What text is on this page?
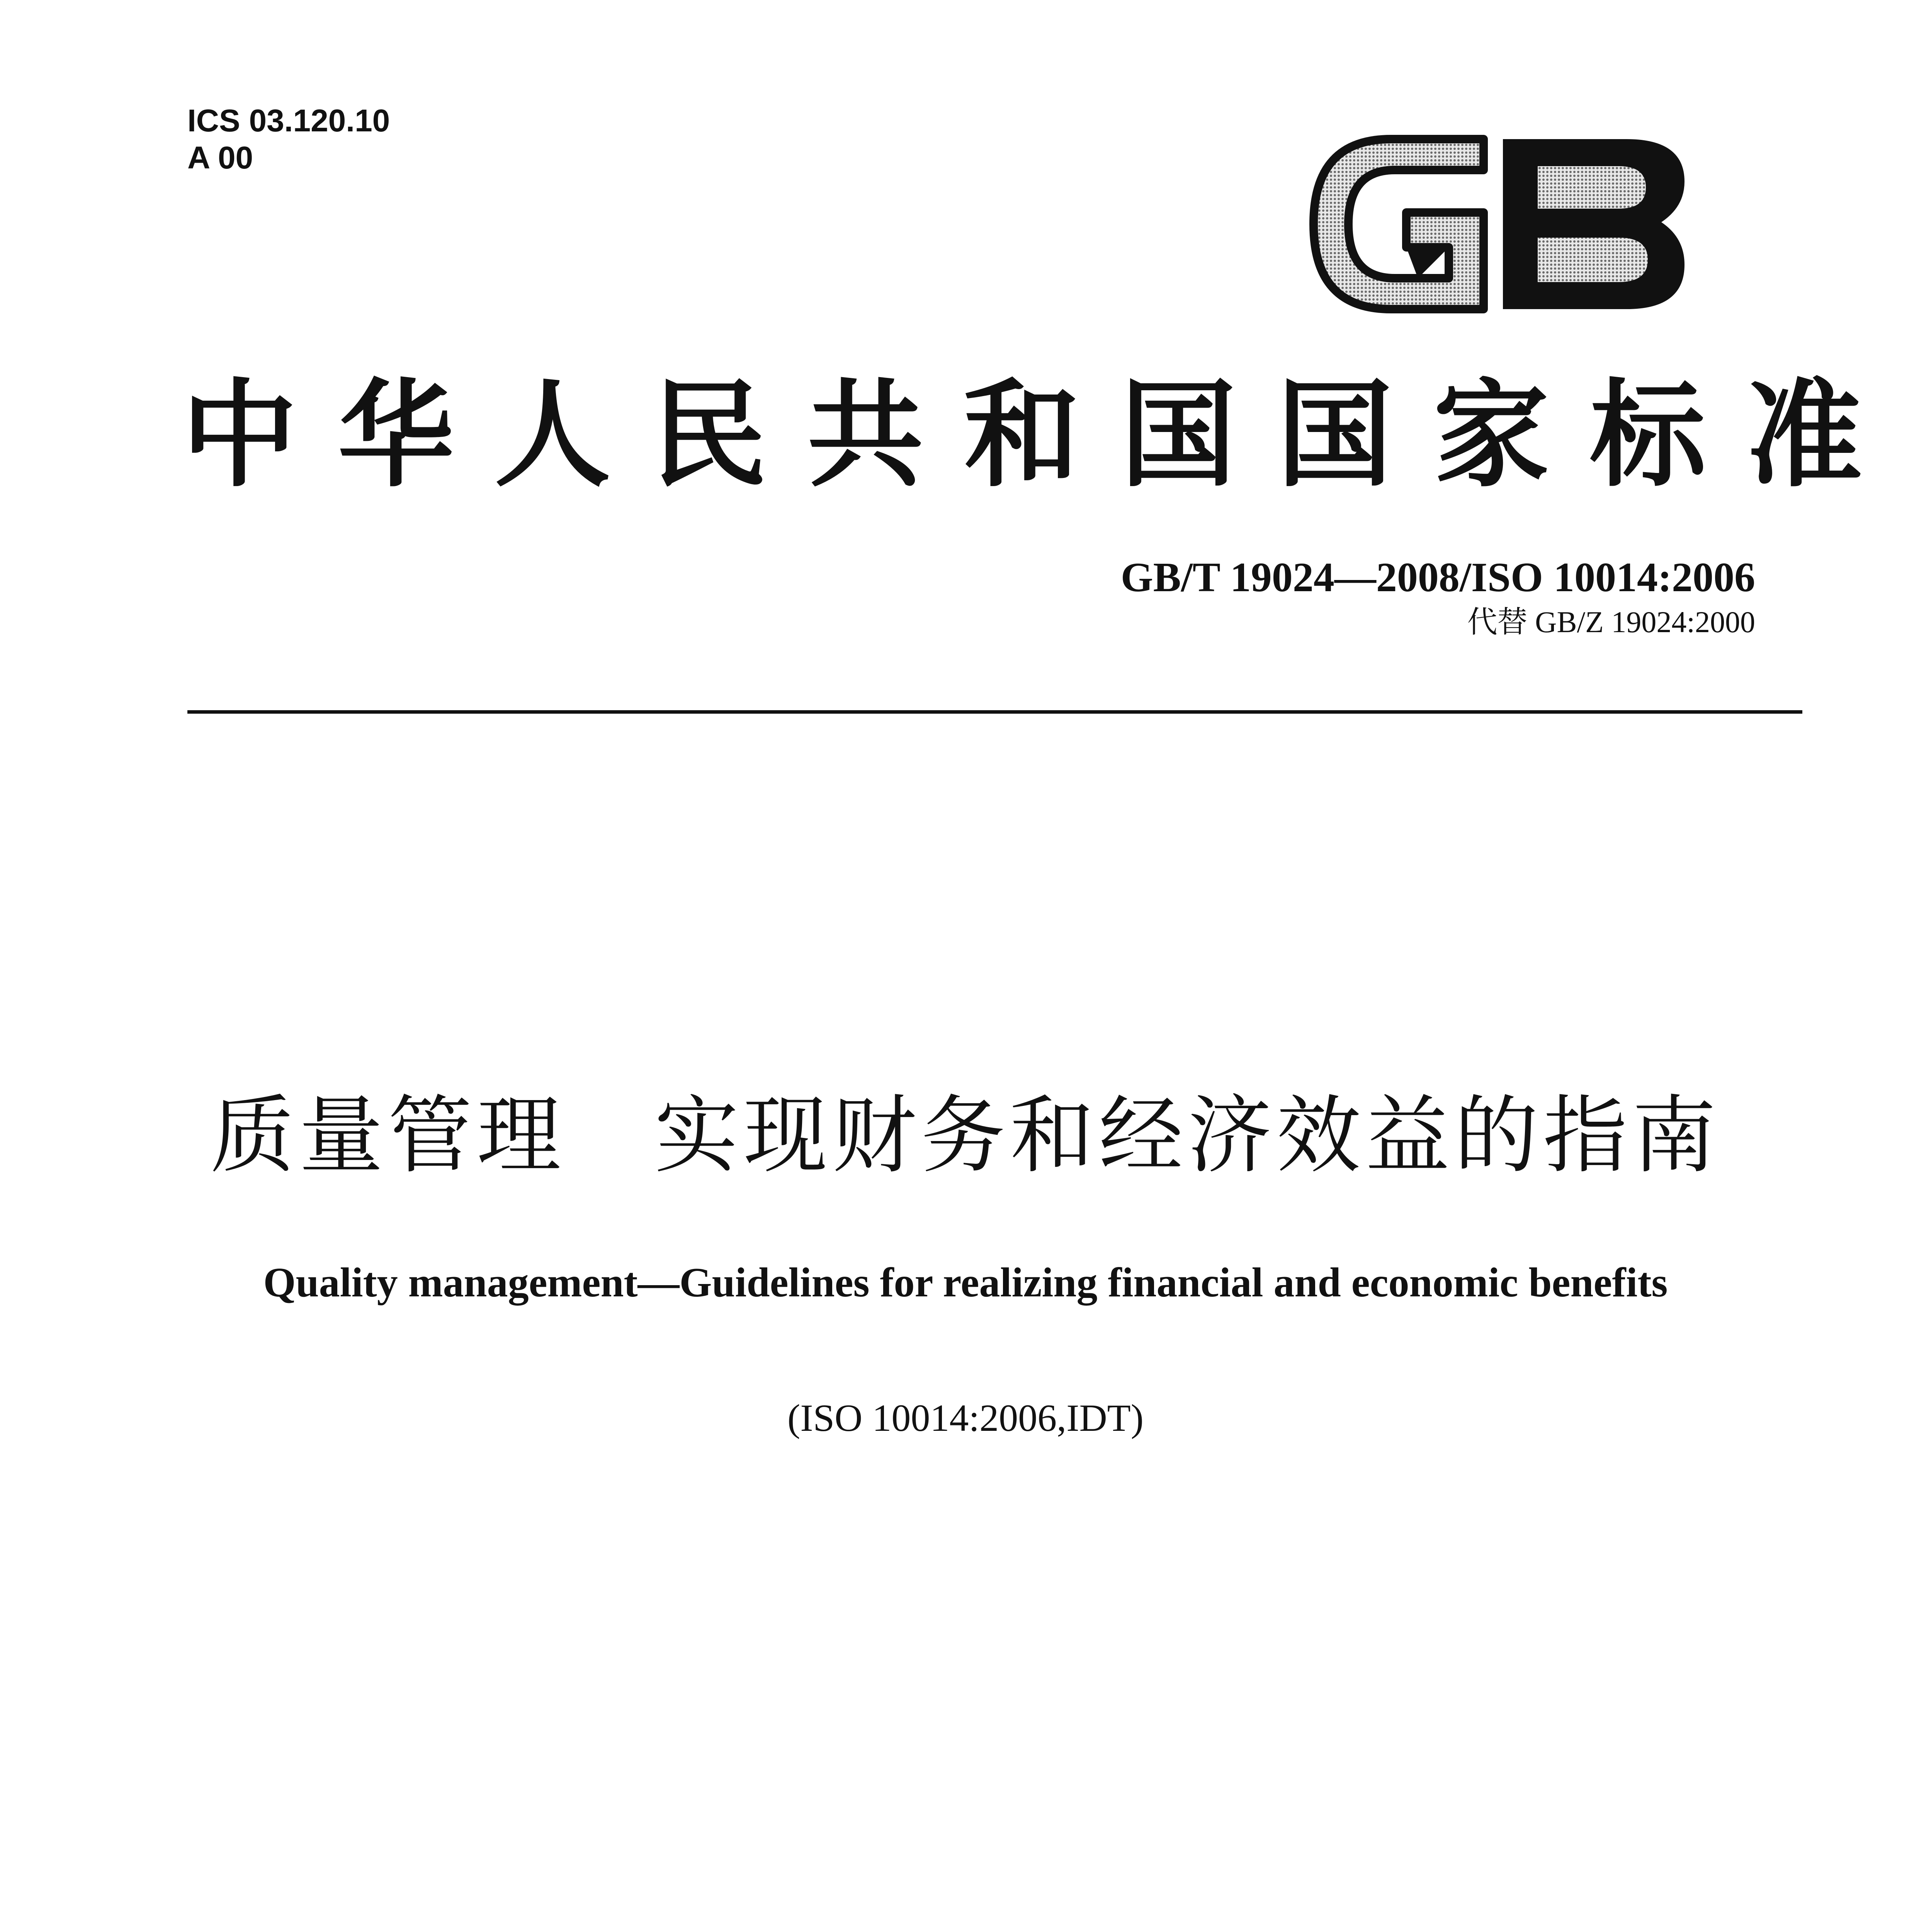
ICS 03.120.10
A 00
中华人民共和国国家标准
GB/T 19024—2008/ISO 10014:2006
代替 GB/Z 19024:2000
质量管理　实现财务和经济效益的指南
Quality management—Guidelines for realizing financial and economic benefits
(ISO 10014:2006,IDT)
